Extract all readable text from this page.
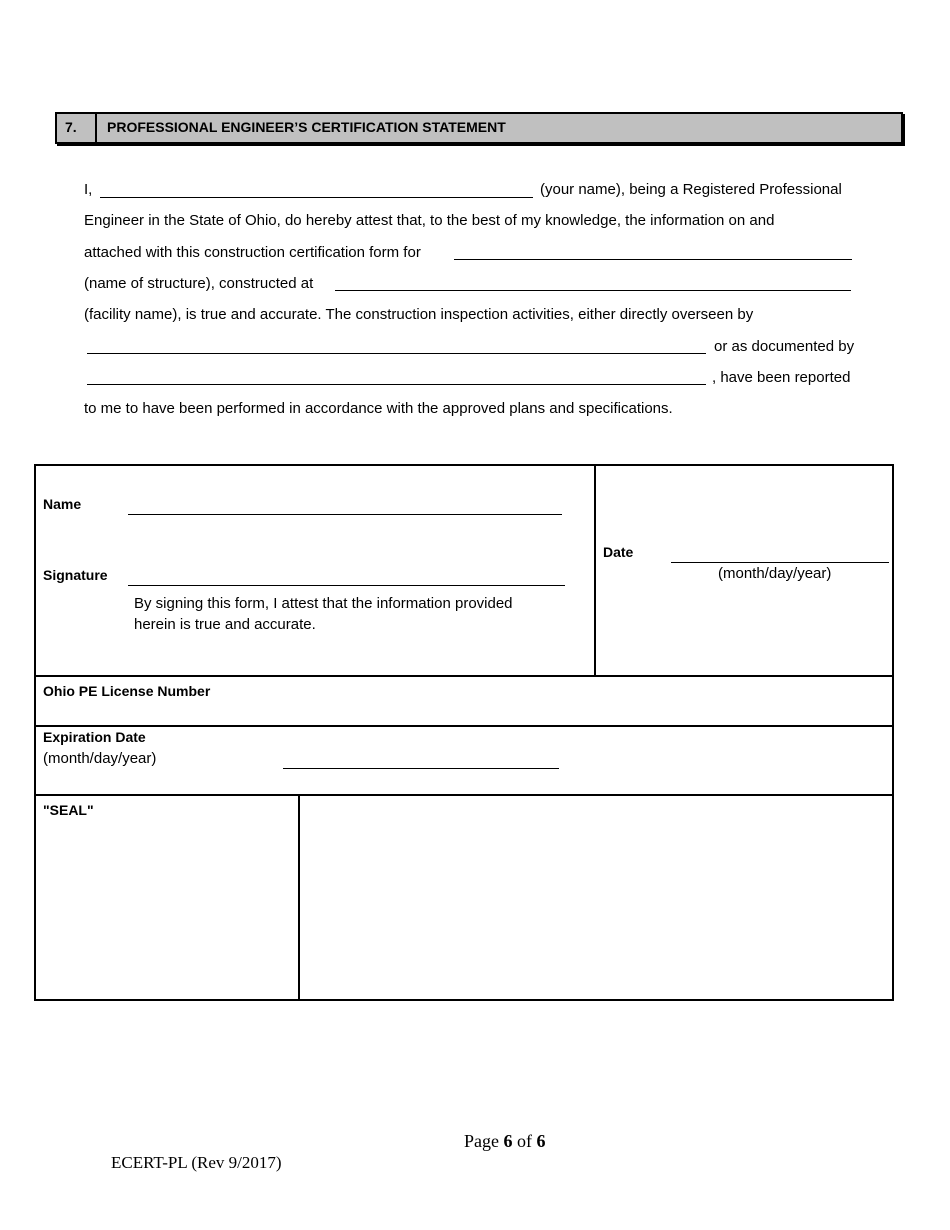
7.	PROFESSIONAL ENGINEER’S CERTIFICATION STATEMENT
I,	(your name), being a Registered Professional
Engineer in the State of Ohio, do hereby attest that, to the best of my knowledge, the information on and
attached with this construction certification form for
(name of structure), constructed at
(facility name), is true and accurate. The construction inspection activities, either directly overseen by
or as documented by
, have been reported
to me to have been performed in accordance with the approved plans and specifications.
Name
Signature
By signing this form, I attest that the information provided
herein is true and accurate.
Date
(month/day/year)
Ohio PE License Number
Expiration Date
(month/day/year)
"SEAL"
Page 6 of 6
ECERT-PL (Rev 9/2017)
